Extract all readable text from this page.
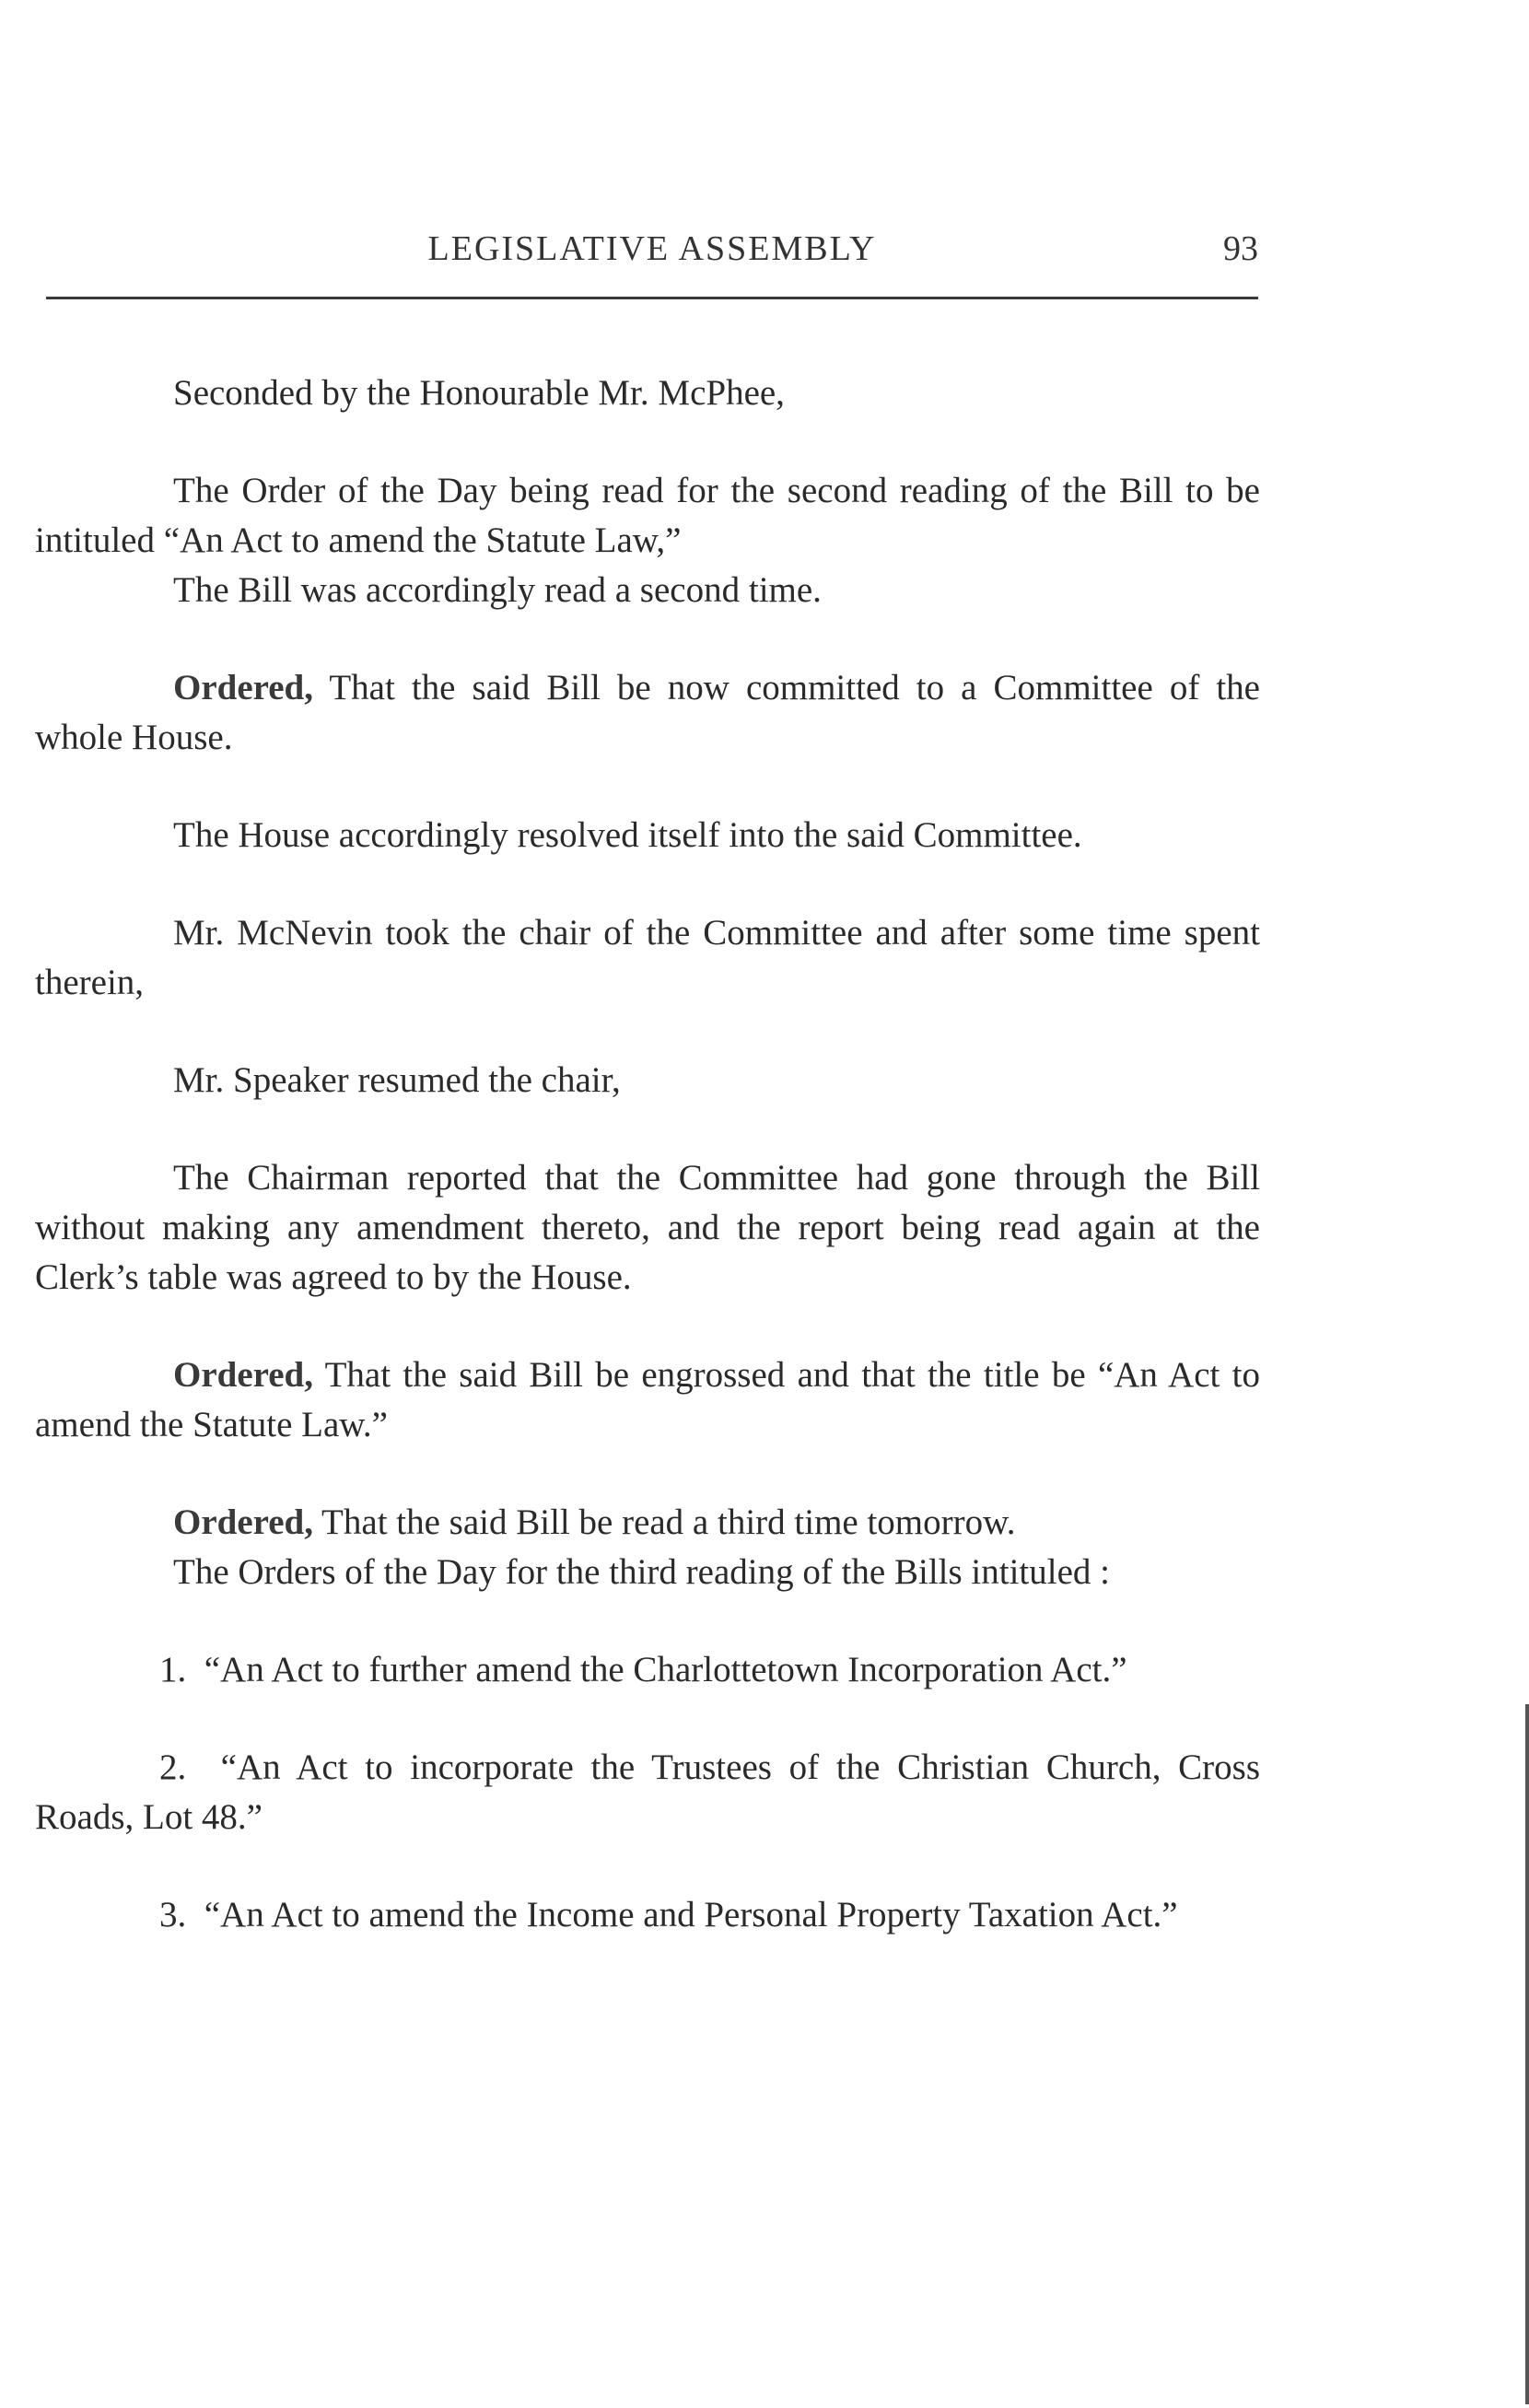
LEGISLATIVE ASSEMBLY	93

Seconded by the Honourable Mr. McPhee,

The Order of the Day being read for the second reading of the Bill to be intituled “An Act to amend the Statute Law,”

The Bill was accordingly read a second time.

Ordered, That the said Bill be now committed to a Committee of the whole House.

The House accordingly resolved itself into the said Committee.

Mr. McNevin took the chair of the Committee and after some time spent therein,

Mr. Speaker resumed the chair,

The Chairman reported that the Committee had gone through the Bill without making any amendment thereto, and the report being read again at the Clerk’s table was agreed to by the House.

Ordered, That the said Bill be engrossed and that the title be “An Act to amend the Statute Law.”

Ordered, That the said Bill be read a third time tomorrow.

The Orders of the Day for the third reading of the Bills intituled :

1. “An Act to further amend the Charlottetown Incorporation Act.”

2. “An Act to incorporate the Trustees of the Christian Church, Cross Roads, Lot 48.”

3. “An Act to amend the Income and Personal Property Taxation Act.”
